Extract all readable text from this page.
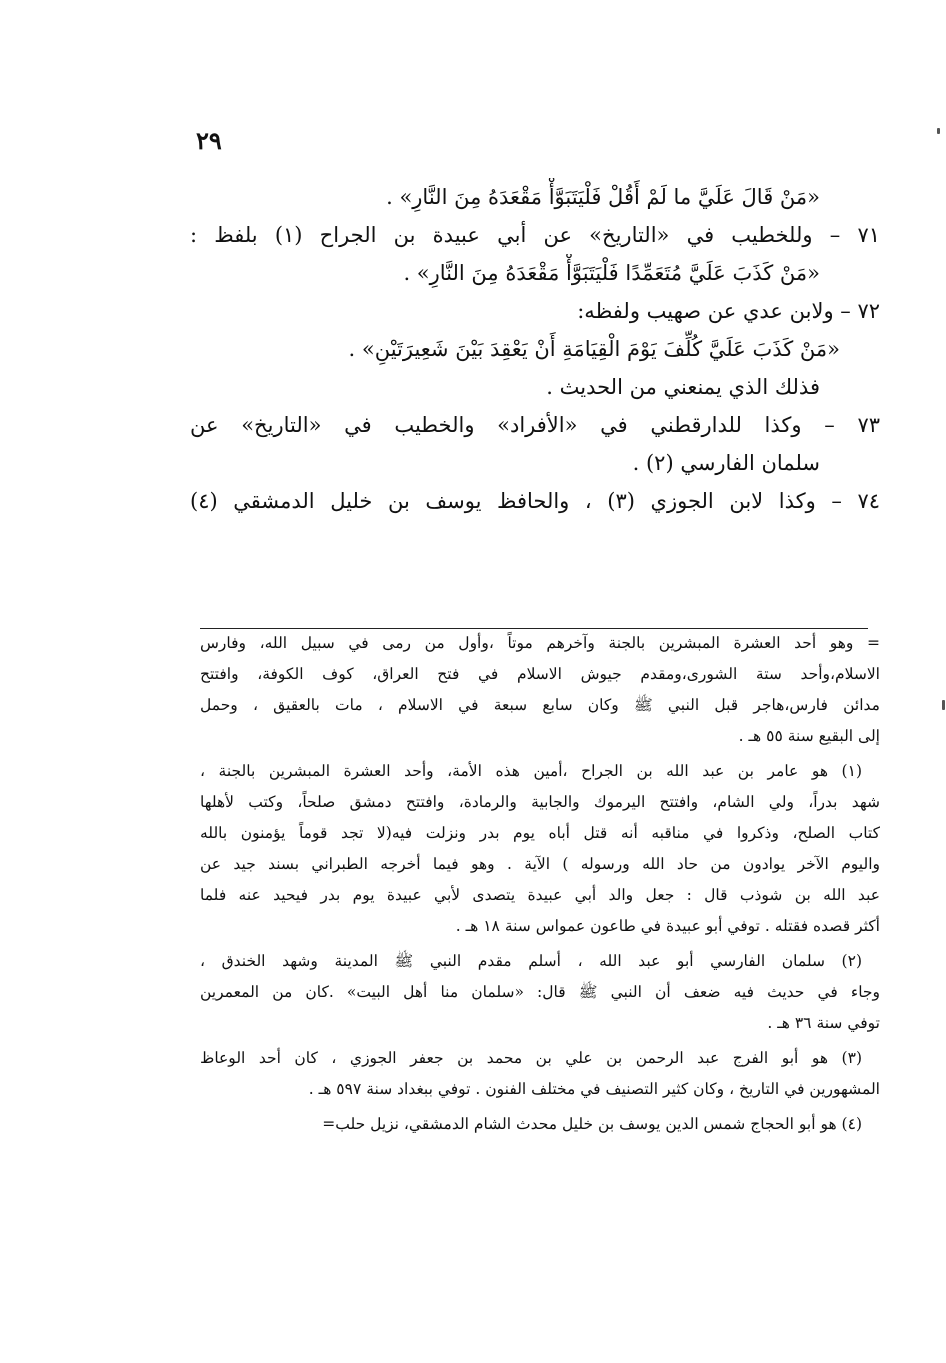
٢٩
«مَنْ قَالَ عَلَيَّ ما لَمْ أَقُلْ فَلْيَتَبَوَّأْ مَقْعَدَهُ مِنَ النَّارِ» .
٧١ – وللخطيب في «التاريخ» عن أبي عبيدة بن الجراح (١) بلفظ :
«مَنْ كَذَبَ عَلَيَّ مُتَعَمِّدًا فَلْيَتَبَوَّأْ مَقْعَدَهُ مِنَ النَّارِ» .
٧٢ – ولابن عدي عن صهيب ولفظه:
«مَنْ كَذَبَ عَلَيَّ كُلِّفَ يَوْمَ الْقِيَامَةِ أَنْ يَعْقِدَ بَيْنَ شَعِيرَتَيْنِ» .
فذلك الذي يمنعني من الحديث .
٧٣ – وكذا للدارقطني في «الأفراد» والخطيب في «التاريخ» عن
سلمان الفارسي (٢) .
٧٤ – وكذا لابن الجوزي (٣) ، والحافظ يوسف بن خليل الدمشقي (٤)
= وهو أحد العشرة المبشرين بالجنة وآخرهم موتاً ،وأول من رمى في سبيل الله، وفارس
الاسلام،وأحد ستة الشورى،ومقدم جيوش الاسلام في فتح العراق، كوف الكوفة، وافتتح
مدائن فارس،هاجر قبل النبي ﷺ وكان سابع سبعة في الاسلام ، مات بالعقيق ، وحمل
إلى البقيع سنة ٥٥ هـ .
(١) هو عامر بن عبد الله بن الجراح ،أمين هذه الأمة، وأحد العشرة المبشرين بالجنة ،
شهد بدراً، ولي الشام، وافتتح اليرموك والجابية والرمادة، وافتتح دمشق صلحاً، وكتب لأهلها
كتاب الصلح، وذكروا في مناقبه أنه قتل أباه يوم بدر ونزلت فيه(لا تجد قوماً يؤمنون بالله
واليوم الآخر يوادون من حاد الله ورسوله ) الآية . وهو فيما أخرجه الطبراني بسند جيد عن
عبد الله بن شوذب قال : جعل والد أبي عبيدة يتصدى لأبي عبيدة يوم بدر فيحيد عنه فلما
أكثر قصده فقتله . توفي أبو عبيدة في طاعون عمواس سنة ١٨ هـ .
(٢) سلمان الفارسي أبو عبد الله ، أسلم مقدم النبي ﷺ المدينة وشهد الخندق ،
وجاء في حديث فيه ضعف أن النبي ﷺ قال: «سلمان منا أهل البيت» .كان من المعمرين
توفي سنة ٣٦ هـ .
(٣) هو أبو الفرج عبد الرحمن بن علي بن محمد بن جعفر الجوزي ، كان أحد الوعاظ
المشهورين في التاريخ ، وكان كثير التصنيف في مختلف الفنون . توفي ببغداد سنة ٥٩٧ هـ .
(٤) هو أبو الحجاج شمس الدين يوسف بن خليل محدث الشام الدمشقي، نزيل حلب=
